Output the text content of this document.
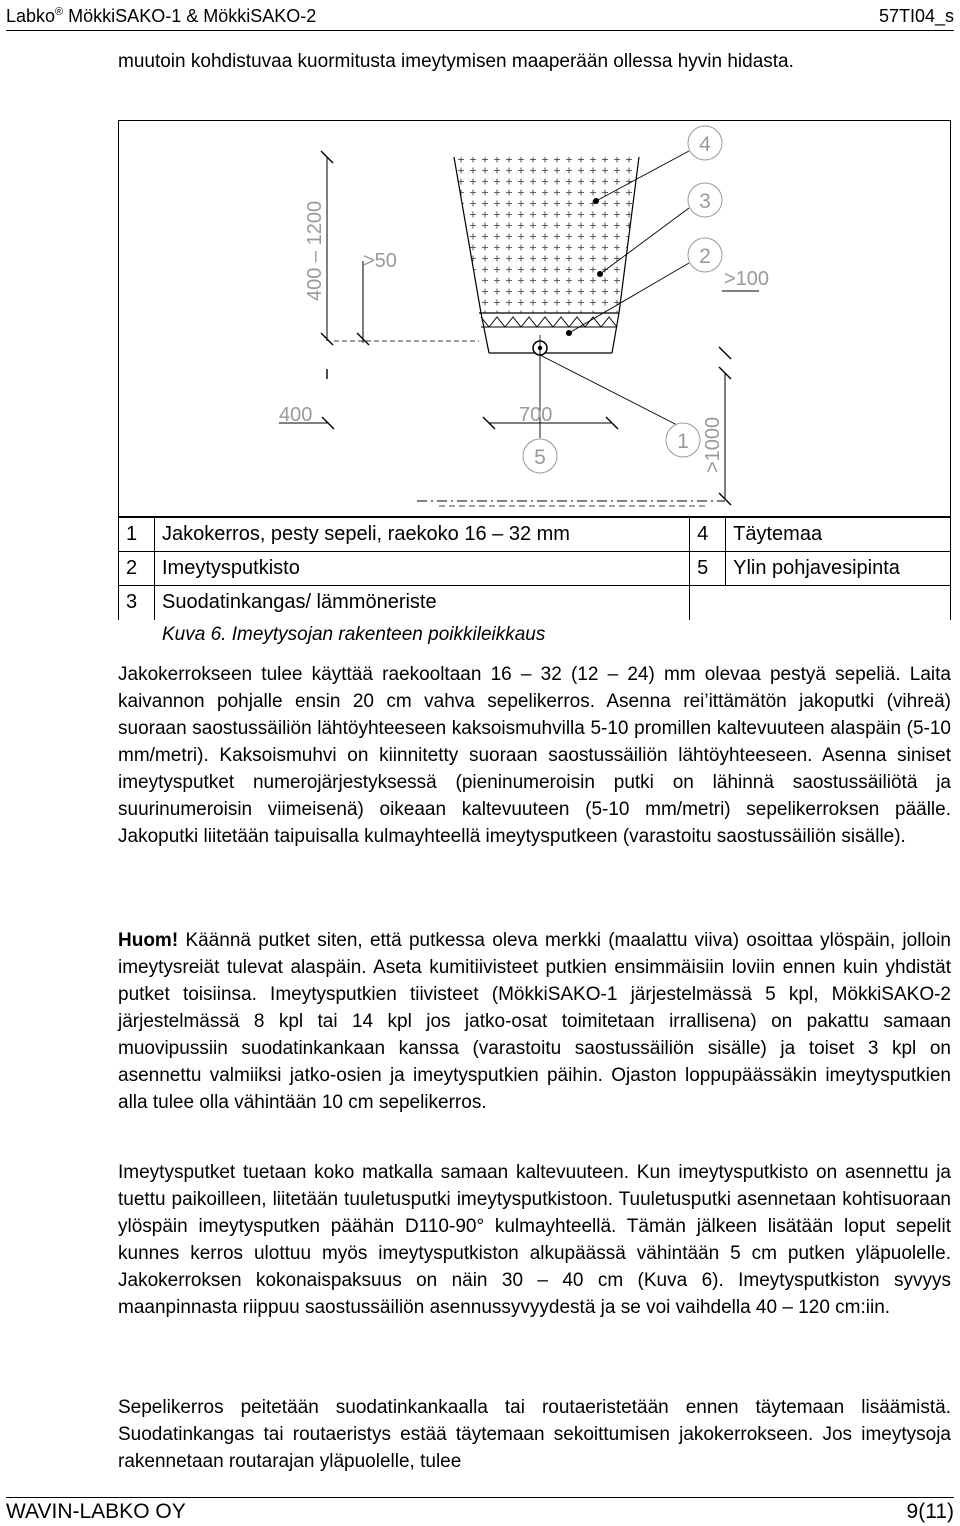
Labko® MökkiSAKO-1 & MökkiSAKO-2	57TI04_s

muutoin kohdistuvaa kuormitusta imeytymisen maaperään ollessa hyvin hidasta.

4
3
2
1
5
400 – 1200 >50
400	700
>100
>1000
1	Jakokerros, pesty sepeli, raekoko 16 – 32 mm	4	Täytemaa
2	Imeytysputkisto	5	Ylin pohjavesipinta
3	Suodatinkangas/ lämmöneriste		
Kuva 6. Imeytysojan rakenteen poikkileikkaus

Jakokerrokseen tulee käyttää raekooltaan 16 – 32 (12 – 24) mm olevaa pestyä sepeliä. Laita kaivannon pohjalle ensin 20 cm vahva sepelikerros. Asenna rei’ittämätön jakoputki (vihreä) suoraan saostussäiliön lähtöyhteeseen kaksoismuhvilla 5-10 promillen kaltevuuteen alaspäin (5-10 mm/metri). Kaksoismuhvi on kiinnitetty suoraan saostussäiliön lähtöyhteeseen. Asenna siniset imeytysputket numerojärjestyksessä (pieninumeroisin putki on lähinnä saostussäiliötä ja suurinumeroisin viimeisenä) oikeaan kaltevuuteen (5-10 mm/metri) sepelikerroksen päälle. Jakoputki liitetään taipuisalla kulmayhteellä imeytysputkeen (varastoitu saostussäiliön sisälle).

Huom! Käännä putket siten, että putkessa oleva merkki (maalattu viiva) osoittaa ylöspäin, jolloin imeytysreiät tulevat alaspäin. Aseta kumitiivisteet putkien ensimmäisiin loviin ennen kuin yhdistät putket toisiinsa. Imeytysputkien tiivisteet (MökkiSAKO-1 järjestelmässä 5 kpl, MökkiSAKO-2 järjestelmässä 8 kpl tai 14 kpl jos jatko-osat toimitetaan irrallisena) on pakattu samaan muovipussiin suodatinkankaan kanssa (varastoitu saostussäiliön sisälle) ja toiset 3 kpl on asennettu valmiiksi jatko-osien ja imeytysputkien päihin. Ojaston loppupäässäkin imeytysputkien alla tulee olla vähintään 10 cm sepelikerros.

Imeytysputket tuetaan koko matkalla samaan kaltevuuteen. Kun imeytysputkisto on asennettu ja tuettu paikoilleen, liitetään tuuletusputki imeytysputkistoon. Tuuletusputki asennetaan kohtisuoraan ylöspäin imeytysputken päähän D110-90° kulmayhteellä. Tämän jälkeen lisätään loput sepelit kunnes kerros ulottuu myös imeytysputkiston alkupäässä vähintään 5 cm putken yläpuolelle. Jakokerroksen kokonaispaksuus on näin 30 – 40 cm (Kuva 6). Imeytysputkiston syvyys maanpinnasta riippuu saostussäiliön asennussyvyydestä ja se voi vaihdella 40 – 120 cm:iin.

Sepelikerros peitetään suodatinkankaalla tai routaeristetään ennen täytemaan lisäämistä. Suodatinkangas tai routaeristys estää täytemaan sekoittumisen jakokerrokseen. Jos imeytysoja rakennetaan routarajan yläpuolelle, tulee

WAVIN-LABKO OY	9(11)
